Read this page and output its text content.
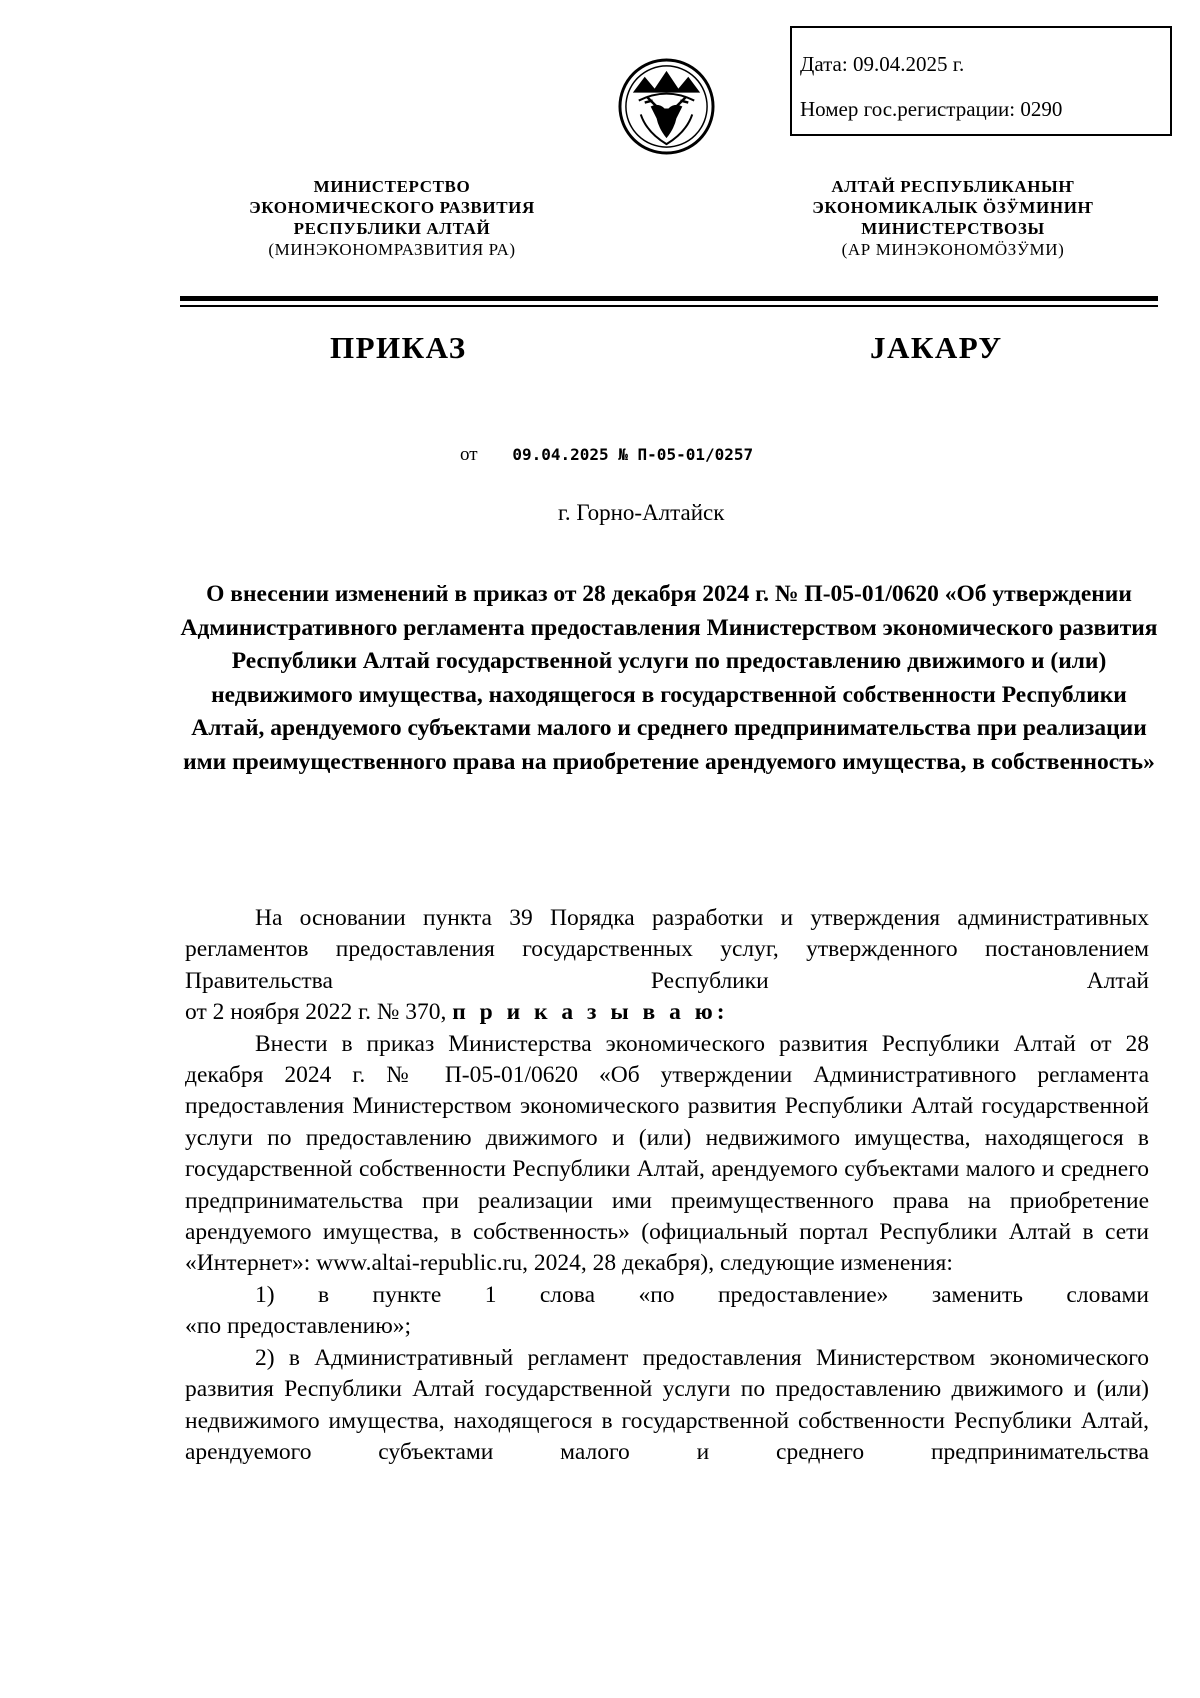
Дата: 09.04.2025 г.
Номер гос.регистрации: 0290
МИНИСТЕРСТВО
ЭКОНОМИЧЕСКОГО РАЗВИТИЯ
РЕСПУБЛИКИ АЛТАЙ
(МИНЭКОНОМРАЗВИТИЯ РА)
АЛТАЙ РЕСПУБЛИКАНЫҤ
ЭКОНОМИКАЛЫК ӦЗӰМИНИҤ
МИНИСТЕРСТВОЗЫ
(АР МИНЭКОНОМӦЗӰМИ)
ПРИКАЗ	JАКАРУ
от 09.04.2025 № П-05-01/0257
г. Горно-Алтайск
О внесении изменений в приказ от 28 декабря 2024 г. № П-05-01/0620 «Об утверждении Административного регламента предоставления Министерством экономического развития Республики Алтай государственной услуги по предоставлению движимого и (или) недвижимого имущества, находящегося в государственной собственности Республики Алтай, арендуемого субъектами малого и среднего предпринимательства при реализации ими преимущественного права на приобретение арендуемого имущества, в собственность»

На основании пункта 39 Порядка разработки и утверждения административных регламентов предоставления государственных услуг, утвержденного постановлением Правительства Республики Алтай

от 2 ноября 2022 г. № 370, п р и к а з ы в а ю:

Внести в приказ Министерства экономического развития Республики Алтай от 28 декабря 2024 г. № П-05-01/0620 «Об утверждении Административного регламента предоставления Министерством экономического развития Республики Алтай государственной услуги по предоставлению движимого и (или) недвижимого имущества, находящегося в государственной собственности Республики Алтай, арендуемого субъектами малого и среднего предпринимательства при реализации ими преимущественного права на приобретение арендуемого имущества, в собственность» (официальный портал Республики Алтай в сети

«Интернет»: www.altai-republic.ru, 2024, 28 декабря), следующие изменения:

1) в пункте 1 слова «по предоставление» заменить словами

«по предоставлению»;

2) в Административный регламент предоставления Министерством экономического развития Республики Алтай государственной услуги по предоставлению движимого и (или) недвижимого имущества, находящегося в государственной собственности Республики Алтай, арендуемого субъектами малого и среднего предпринимательства
